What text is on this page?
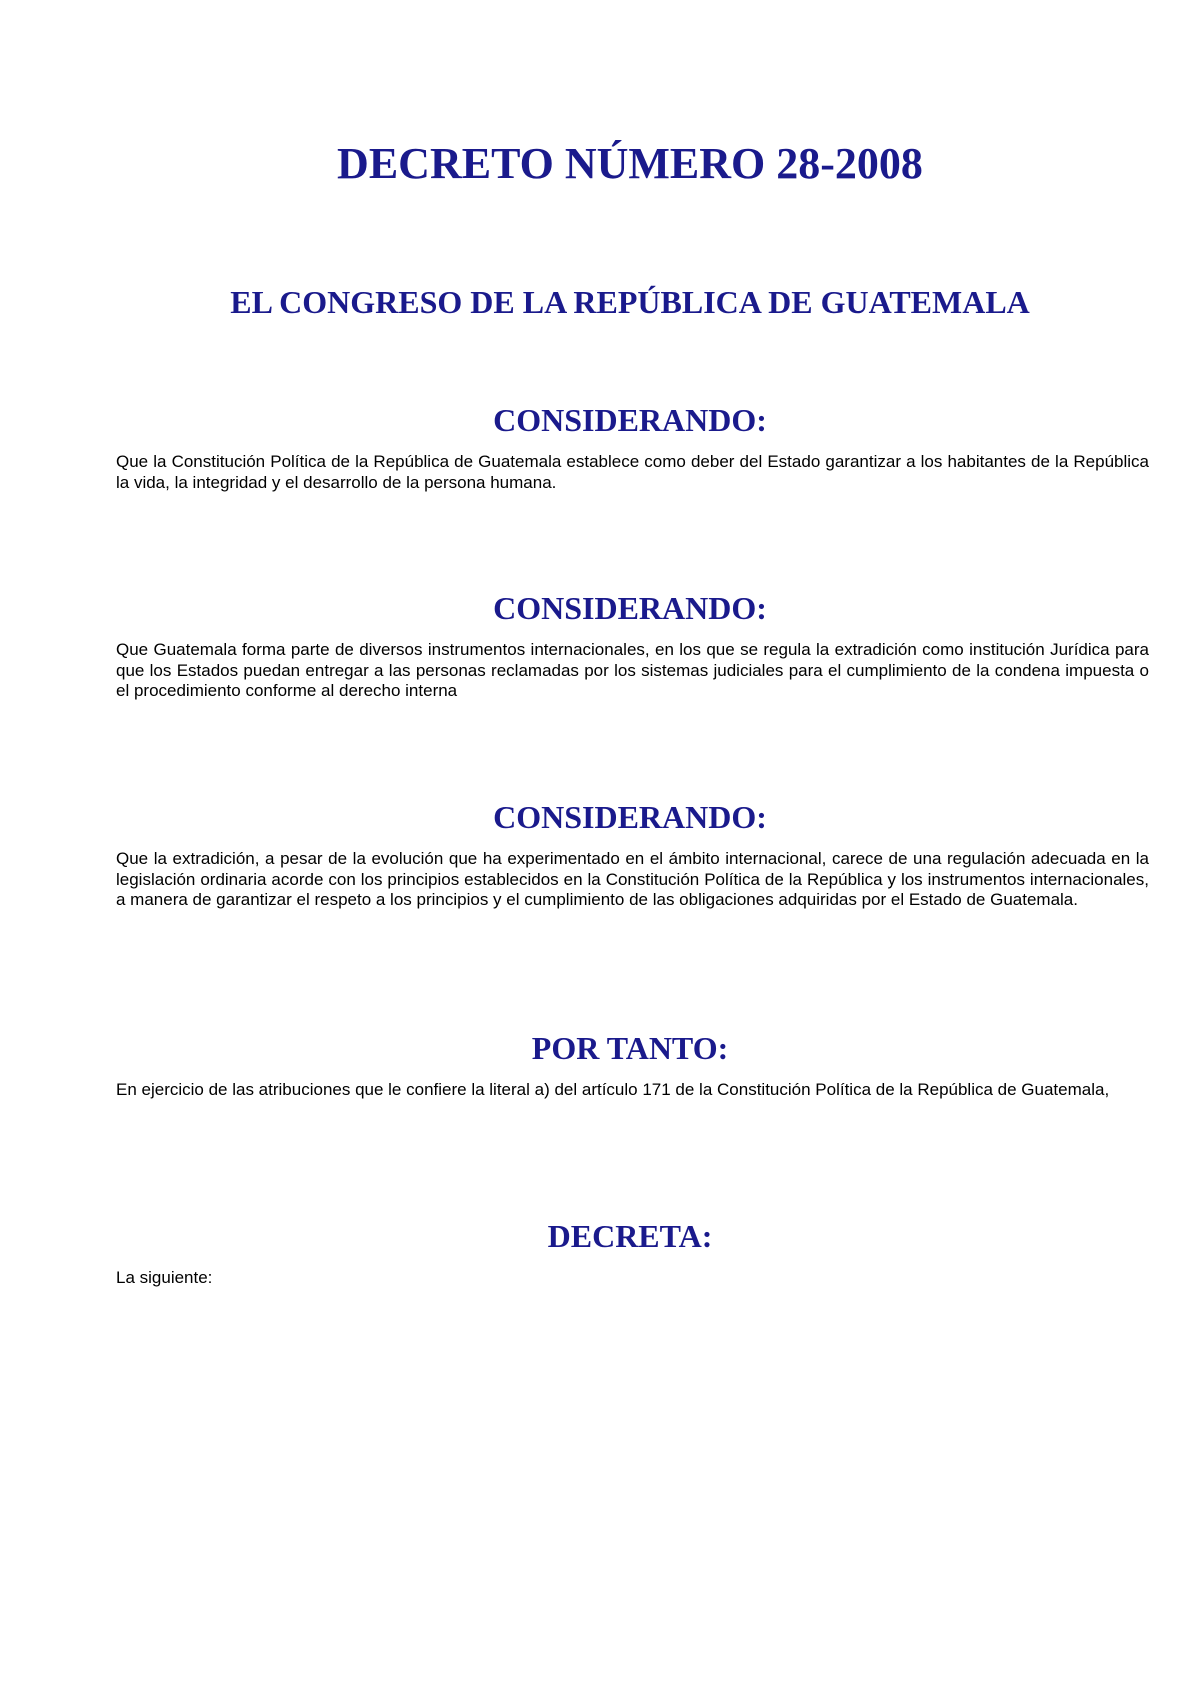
DECRETO NÚMERO 28-2008
EL CONGRESO DE LA REPÚBLICA DE GUATEMALA
CONSIDERANDO:

Que la Constitución Política de la República de Guatemala establece como deber del Estado garantizar a los habitantes de la República la vida, la integridad y el desarrollo de la persona humana.

CONSIDERANDO:

Que Guatemala forma parte de diversos instrumentos internacionales, en los que se regula la extradición como institución Jurídica para que los Estados puedan entregar a las personas reclamadas por los sistemas judiciales para el cumplimiento de la condena impuesta o el procedimiento conforme al derecho interna

CONSIDERANDO:

Que la extradición, a pesar de la evolución que ha experimentado en el ámbito internacional, carece de una regulación adecuada en la legislación ordinaria acorde con los principios establecidos en la Constitución Política de la República y los instrumentos internacionales, a manera de garantizar el respeto a los principios y el cumplimiento de las obligaciones adquiridas por el Estado de Guatemala.

POR TANTO:

En ejercicio de las atribuciones que le confiere la literal a) del artículo 171 de la Constitución Política de la República de Guatemala,

DECRETA:

La siguiente:
